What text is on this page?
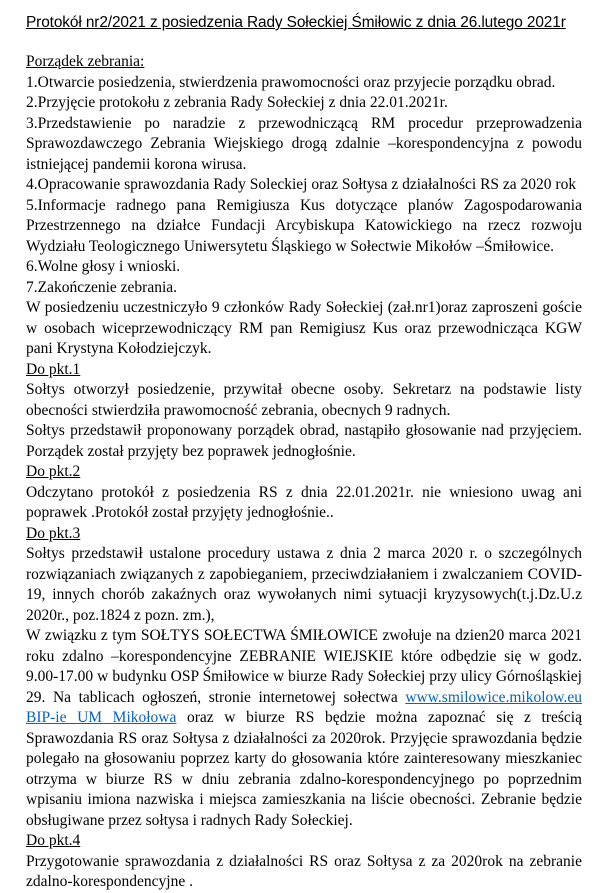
Protokół nr2/2021 z posiedzenia Rady Sołeckiej Śmiłowic z dnia 26.lutego 2021r

Porządek zebrania:

1.Otwarcie posiedzenia, stwierdzenia prawomocności oraz przyjecie porządku obrad.

2.Przyjęcie protokołu z zebrania Rady Sołeckiej z dnia 22.01.2021r.

3.Przedstawienie po naradzie z przewodniczącą RM procedur przeprowadzenia Sprawozdawczego Zebrania Wiejskiego drogą zdalnie –korespondencyjna z powodu istniejącej pandemii korona wirusa.

4.Opracowanie sprawozdania Rady Soleckiej oraz Sołtysa z działalności RS za 2020 rok

5.Informacje radnego pana Remigiusza Kus dotyczące planów Zagospodarowania Przestrzennego na działce Fundacji Arcybiskupa Katowickiego na rzecz rozwoju Wydziału Teologicznego Uniwersytetu Śląskiego w Sołectwie Mikołów –Śmiłowice.

6.Wolne głosy i wnioski.

7.Zakończenie zebrania.

W posiedzeniu uczestniczyło 9 członków Rady Sołeckiej (zał.nr1)oraz zaproszeni goście w osobach wiceprzewodniczący RM pan Remigiusz Kus oraz przewodnicząca KGW pani Krystyna Kołodziejczyk.

Do pkt.1

Sołtys otworzył posiedzenie, przywitał obecne osoby. Sekretarz na podstawie listy obecności stwierdziła prawomocność zebrania, obecnych 9 radnych.

Sołtys przedstawił proponowany porządek obrad, nastąpiło głosowanie nad przyjęciem. Porządek został przyjęty bez poprawek jednogłośnie.

Do pkt.2

Odczytano protokół z posiedzenia RS z dnia 22.01.2021r. nie wniesiono uwag ani poprawek .Protokół został przyjęty jednogłośnie..

Do pkt.3

Sołtys przedstawił ustalone procedury ustawa z dnia 2 marca 2020 r. o szczególnych rozwiązaniach związanych z zapobieganiem, przeciwdziałaniem i zwalczaniem COVID-19, innych chorób zakaźnych oraz wywołanych nimi sytuacji kryzysowych(t.j.Dz.U.z 2020r., poz.1824 z pozn. zm.),

W związku z tym SOŁTYS SOŁECTWA ŚMIŁOWICE zwołuje na dzien20 marca 2021 roku zdalno –korespondencyjne ZEBRANIE WIEJSKIE które odbędzie się w godz. 9.00-17.00 w budynku OSP Śmiłowice w biurze Rady Sołeckiej przy ulicy Górnośląskiej 29. Na tablicach ogłoszeń, stronie internetowej sołectwa www.smilowice.mikolow.eu BIP-ie UM Mikołowa oraz w biurze RS będzie można zapoznać się z treścią Sprawozdania RS oraz Sołtysa z działalności za 2020rok. Przyjęcie sprawozdania będzie polegało na głosowaniu poprzez karty do głosowania które zainteresowany mieszkaniec otrzyma w biurze RS w dniu zebrania zdalno-korespondencyjnego po poprzednim wpisaniu imiona nazwiska i miejsca zamieszkania na liście obecności. Zebranie będzie obsługiwane przez sołtysa i radnych Rady Sołeckiej.

Do pkt.4

Przygotowanie sprawozdania z działalności RS oraz Sołtysa z za 2020rok na zebranie zdalno-korespondencyjne .
